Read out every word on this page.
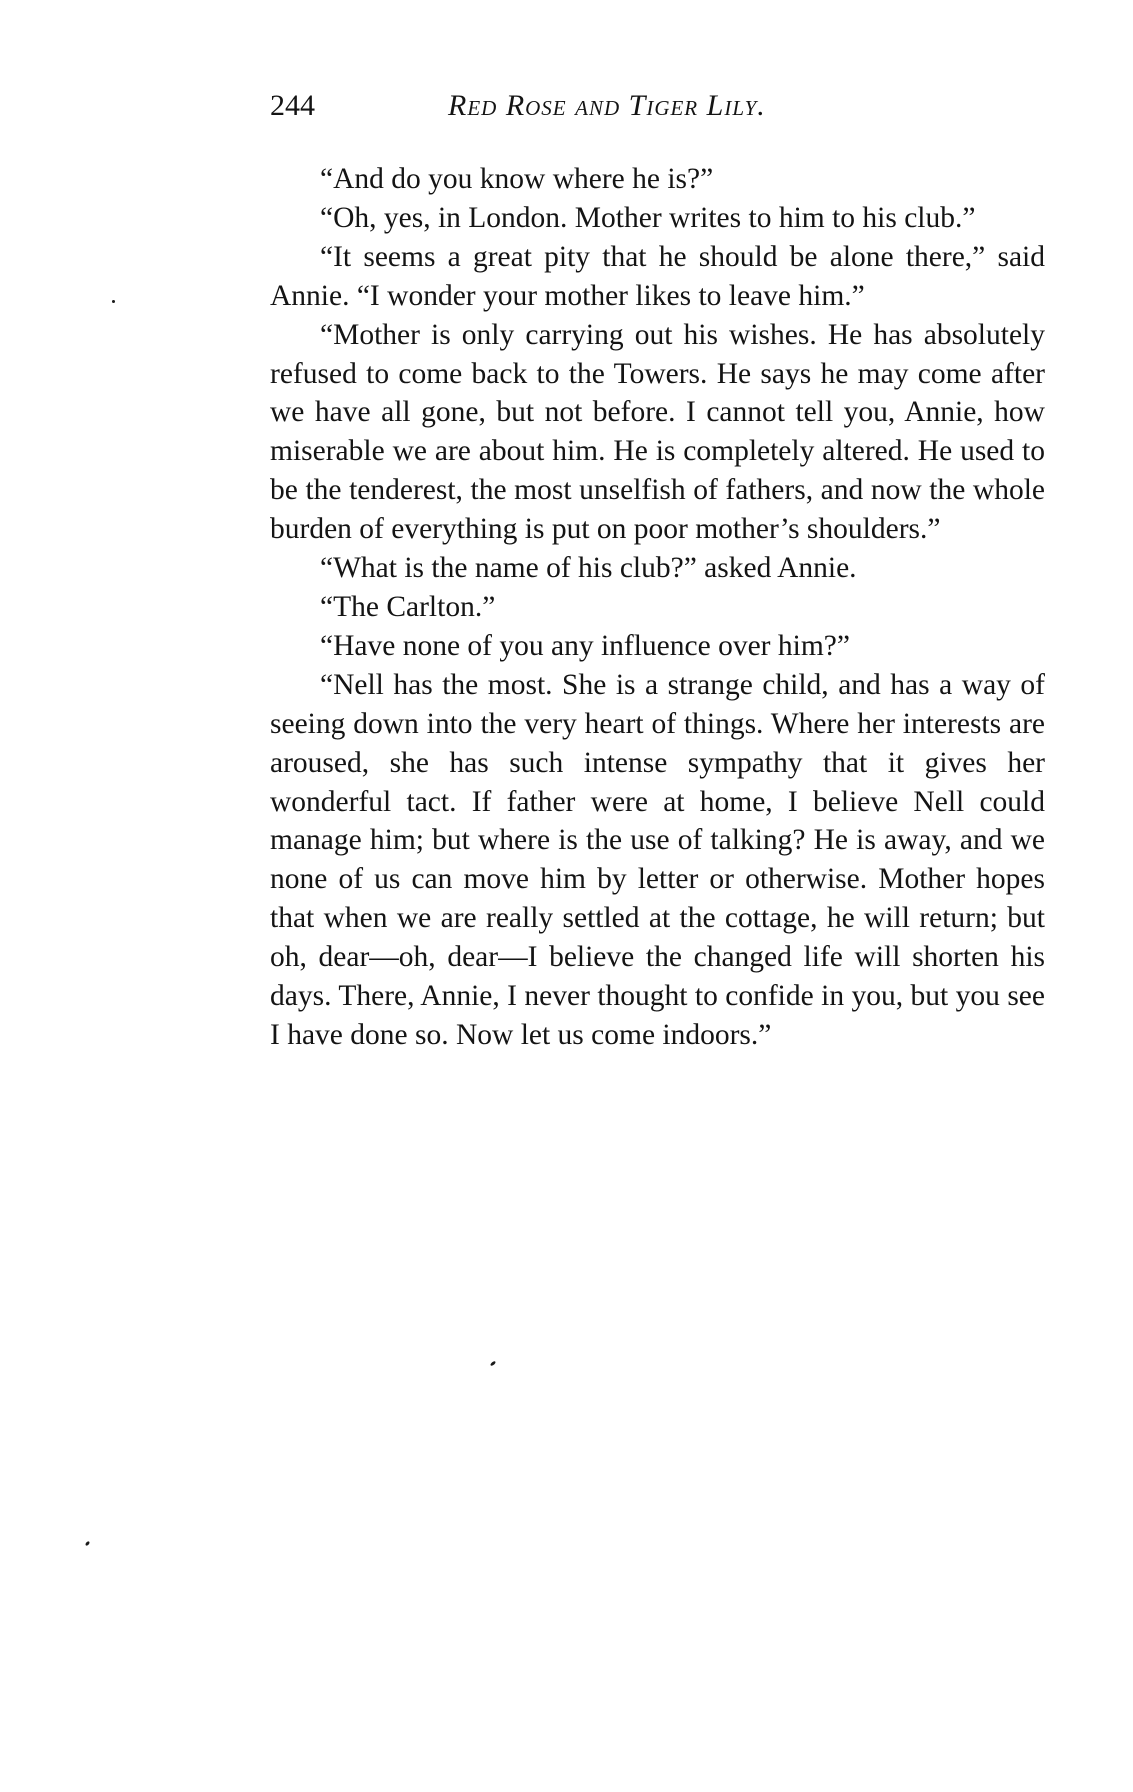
244	Red Rose and Tiger Lily.

“And do you know where he is?”

“Oh, yes, in London. Mother writes to him to his club.”

“It seems a great pity that he should be alone there,” said Annie. “I wonder your mother likes to leave him.”

“Mother is only carrying out his wishes. He has absolutely refused to come back to the Towers. He says he may come after we have all gone, but not before. I cannot tell you, Annie, how miserable we are about him. He is completely altered. He used to be the tenderest, the most unselfish of fathers, and now the whole burden of everything is put on poor mother’s shoulders.”

“What is the name of his club?” asked Annie.

“The Carlton.”

“Have none of you any influence over him?”

“Nell has the most. She is a strange child, and has a way of seeing down into the very heart of things. Where her interests are aroused, she has such intense sympathy that it gives her wonderful tact. If father were at home, I believe Nell could manage him; but where is the use of talking? He is away, and we none of us can move him by letter or otherwise. Mother hopes that when we are really settled at the cottage, he will return; but oh, dear—oh, dear—I believe the changed life will shorten his days. There, Annie, I never thought to confide in you, but you see I have done so. Now let us come indoors.”
